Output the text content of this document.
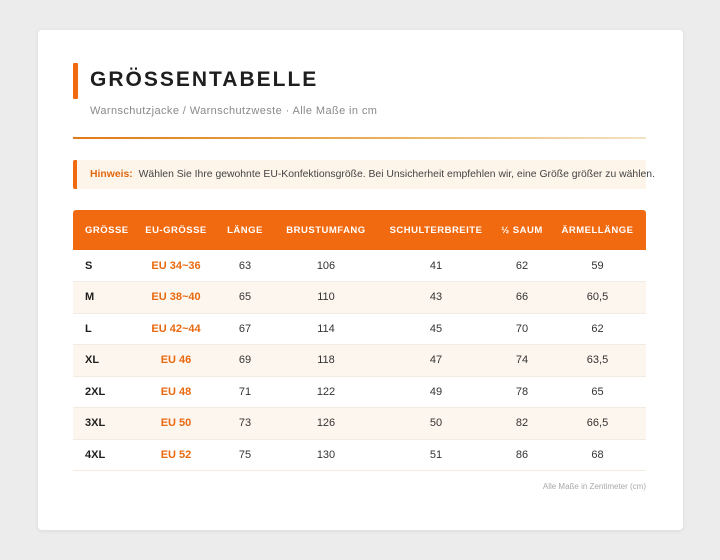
GRÖSSENTABELLE
Warnschutzjacke / Warnschutzweste · Alle Maße in cm
Hinweis: Wählen Sie Ihre gewohnte EU-Konfektionsgröße. Bei Unsicherheit empfehlen wir, eine Größe größer zu wählen.
GRÖSSE	EU-GRÖSSE	LÄNGE	BRUSTUMFANG	SCHULTERBREITE	½ SAUM	ÄRMELLÄNGE
S	EU 34~36	63	106	41	62	59
M	EU 38~40	65	110	43	66	60,5
L	EU 42~44	67	114	45	70	62
XL	EU 46	69	118	47	74	63,5
2XL	EU 48	71	122	49	78	65
3XL	EU 50	73	126	50	82	66,5
4XL	EU 52	75	130	51	86	68
Alle Maße in Zentimeter (cm)
